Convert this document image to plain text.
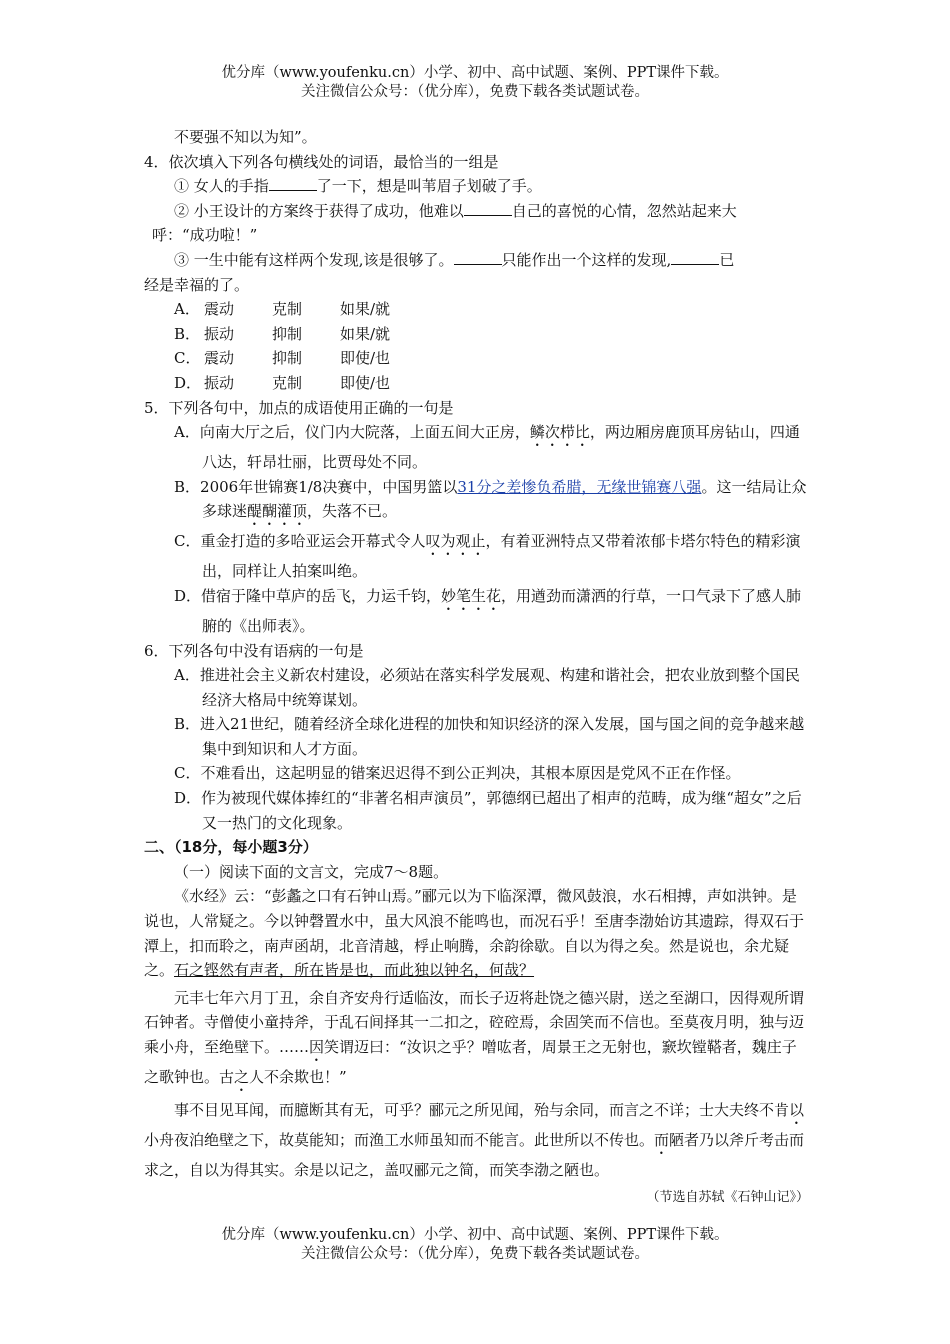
优分库（www.youfenku.cn）小学、初中、高中试题、案例、PPT课件下载。
关注微信公众号：（优分库），免费下载各类试题试卷。

不要强不知以为知”。

4．依次填入下列各句横线处的词语，最恰当的一组是

① 女人的手指	了一下，想是叫苇眉子划破了手。

② 小王设计的方案终于获得了成功，他难以	自己的喜悦的心情，忽然站起来大

呼：“成功啦！”

③ 一生中能有这样两个发现,该是很够了。	只能作出一个这样的发现,	已

经是幸福的了。

A． 震动	克制	如果/就

B． 振动	抑制	如果/就

C． 震动	抑制	即使/也

D． 振动	克制	即使/也

5．下列各句中，加点的成语使用正确的一句是

A．向南大厅之后，仪门内大院落，上面五间大正房，鳞次栉比，两边厢房鹿顶耳房钻山，四通八达，轩昂壮丽，比贾母处不同。

B．2006年世锦赛1/8决赛中，中国男篮以31分之差惨负希腊，无缘世锦赛八强。这一结局让众多球迷醍醐灌顶，失落不已。

C．重金打造的多哈亚运会开幕式令人叹为观止，有着亚洲特点又带着浓郁卡塔尔特色的精彩演出，同样让人拍案叫绝。

D．借宿于隆中草庐的岳飞，力运千钧，妙笔生花，用遒劲而潇洒的行草，一口气录下了感人肺腑的《出师表》。

6．下列各句中没有语病的一句是

A．推进社会主义新农村建设，必须站在落实科学发展观、构建和谐社会，把农业放到整个国民经济大格局中统筹谋划。

B．进入21世纪，随着经济全球化进程的加快和知识经济的深入发展，国与国之间的竞争越来越集中到知识和人才方面。

C．不难看出，这起明显的错案迟迟得不到公正判决，其根本原因是党风不正在作怪。

D．作为被现代媒体捧红的“非著名相声演员”，郭德纲已超出了相声的范畴，成为继“超女”之后又一热门的文化现象。

二、（18分，每小题3分）

（一）阅读下面的文言文，完成7～8题。

《水经》云：“彭蠡之口有石钟山焉。”郦元以为下临深潭，微风鼓浪，水石相搏，声如洪钟。是说也，人常疑之。今以钟磬置水中，虽大风浪不能鸣也，而况石乎！至唐李渤始访其遗踪，得双石于潭上，扣而聆之，南声函胡，北音清越，桴止响腾，余韵徐歇。自以为得之矣。然是说也，余尤疑之。石之铿然有声者，所在皆是也，而此独以钟名，何哉？

元丰七年六月丁丑，余自齐安舟行适临汝，而长子迈将赴饶之德兴尉，送之至湖口，因得观所谓石钟者。寺僧使小童持斧，于乱石间择其一二扣之，硿硿焉，余固笑而不信也。至莫夜月明，独与迈乘小舟，至绝壁下。……因笑谓迈曰：“汝识之乎？噌吰者，周景王之无射也，窾坎镗鞳者，魏庄子之歌钟也。古之人不余欺也！”

事不目见耳闻，而臆断其有无，可乎？郦元之所见闻，殆与余同，而言之不详；士大夫终不肯以小舟夜泊绝壁之下，故莫能知；而渔工水师虽知而不能言。此世所以不传也。而陋者乃以斧斤考击而求之，自以为得其实。余是以记之，盖叹郦元之简，而笑李渤之陋也。

（节选自苏轼《石钟山记》）

优分库（www.youfenku.cn）小学、初中、高中试题、案例、PPT课件下载。
关注微信公众号：（优分库），免费下载各类试题试卷。
